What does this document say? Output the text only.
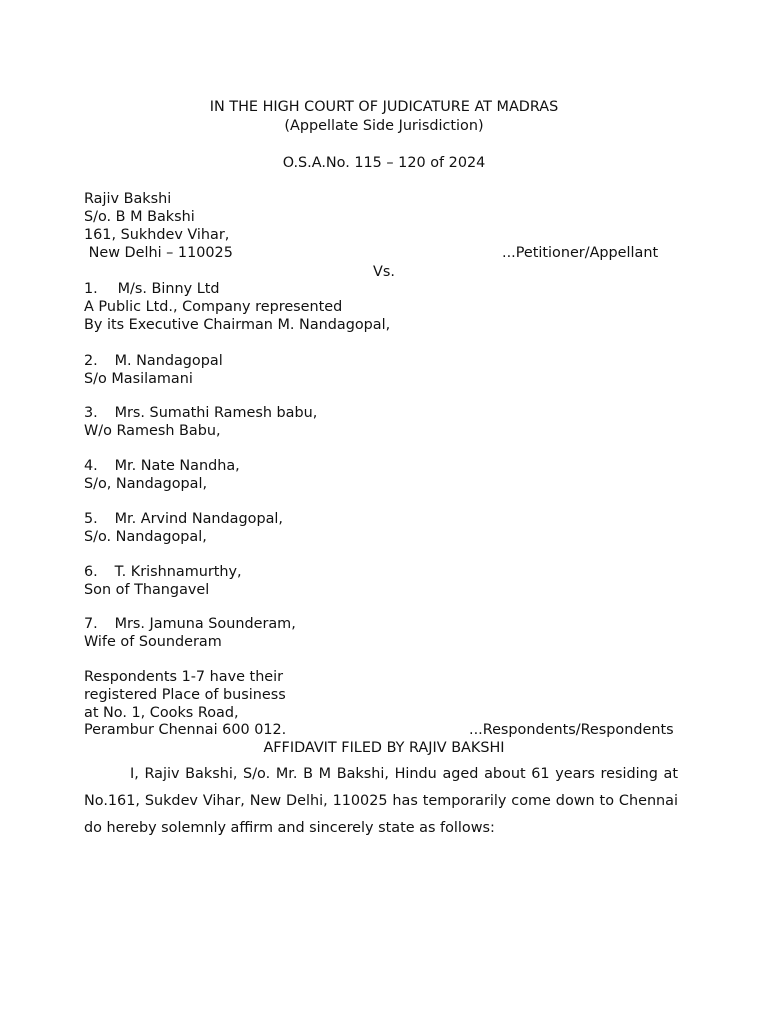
IN THE HIGH COURT OF JUDICATURE AT MADRAS
(Appellate Side Jurisdiction)
O.S.A.No. 115 – 120 of 2024
Rajiv Bakshi
S/o. B M Bakshi
161, Sukhdev Vihar,
New Delhi – 110025	...Petitioner/Appellant
Vs.
1. M/s. Binny Ltd
A Public Ltd., Company represented
By its Executive Chairman M. Nandagopal,
2. M. Nandagopal
S/o Masilamani
3. Mrs. Sumathi Ramesh babu,
W/o Ramesh Babu,
4. Mr. Nate Nandha,
S/o, Nandagopal,
5. Mr. Arvind Nandagopal,
S/o. Nandagopal,
6. T. Krishnamurthy,
Son of Thangavel
7. Mrs. Jamuna Sounderam,
Wife of Sounderam
Respondents 1-7 have their
registered Place of business
at No. 1, Cooks Road,
Perambur Chennai 600 012.	...Respondents/Respondents
AFFIDAVIT FILED BY RAJIV BAKSHI
I, Rajiv Bakshi, S/o. Mr. B M Bakshi, Hindu aged about 61 years residing at No.161, Sukdev Vihar, New Delhi, 110025 has temporarily come down to Chennai do hereby solemnly affirm and sincerely state as follows:
